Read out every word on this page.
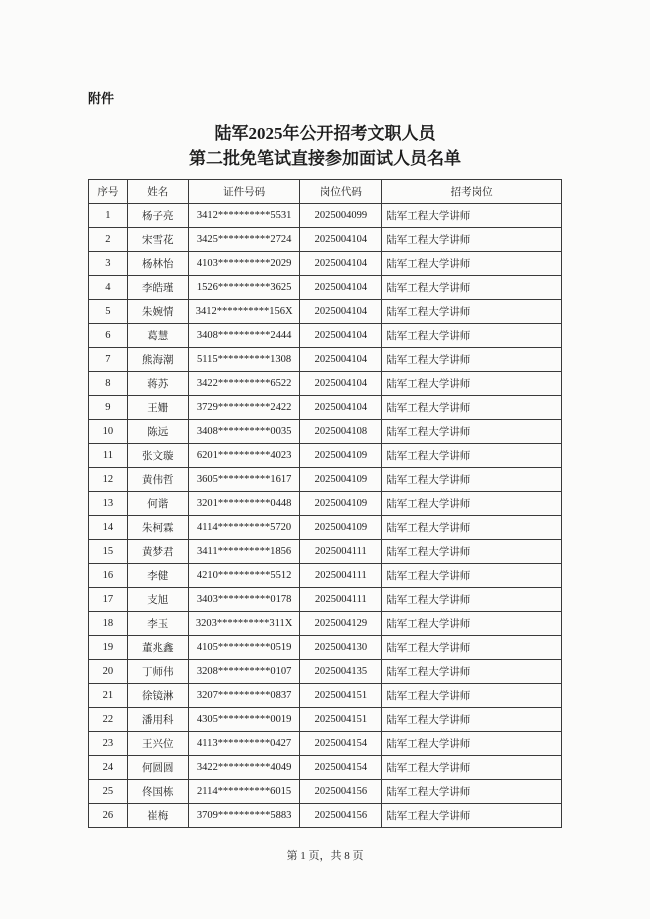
附件
陆军2025年公开招考文职人员
第二批免笔试直接参加面试人员名单
序号	姓名	证件号码	岗位代码	招考岗位
1	杨子亮	3412**********5531	2025004099	陆军工程大学讲师
2	宋雪花	3425**********2724	2025004104	陆军工程大学讲师
3	杨林怡	4103**********2029	2025004104	陆军工程大学讲师
4	李皓瑾	1526**********3625	2025004104	陆军工程大学讲师
5	朱婉情	3412**********156X	2025004104	陆军工程大学讲师
6	葛慧	3408**********2444	2025004104	陆军工程大学讲师
7	熊海潮	5115**********1308	2025004104	陆军工程大学讲师
8	蒋苏	3422**********6522	2025004104	陆军工程大学讲师
9	王姗	3729**********2422	2025004104	陆军工程大学讲师
10	陈远	3408**********0035	2025004108	陆军工程大学讲师
11	张文璇	6201**********4023	2025004109	陆军工程大学讲师
12	黄伟哲	3605**********1617	2025004109	陆军工程大学讲师
13	何谐	3201**********0448	2025004109	陆军工程大学讲师
14	朱柯霖	4114**********5720	2025004109	陆军工程大学讲师
15	黄梦君	3411**********1856	2025004111	陆军工程大学讲师
16	李健	4210**********5512	2025004111	陆军工程大学讲师
17	支旭	3403**********0178	2025004111	陆军工程大学讲师
18	李玉	3203**********311X	2025004129	陆军工程大学讲师
19	董兆鑫	4105**********0519	2025004130	陆军工程大学讲师
20	丁师伟	3208**********0107	2025004135	陆军工程大学讲师
21	徐镜淋	3207**********0837	2025004151	陆军工程大学讲师
22	潘用科	4305**********0019	2025004151	陆军工程大学讲师
23	王兴位	4113**********0427	2025004154	陆军工程大学讲师
24	何圆圆	3422**********4049	2025004154	陆军工程大学讲师
25	佟国栋	2114**********6015	2025004156	陆军工程大学讲师
26	崔梅	3709**********5883	2025004156	陆军工程大学讲师
第 1 页，共 8 页
